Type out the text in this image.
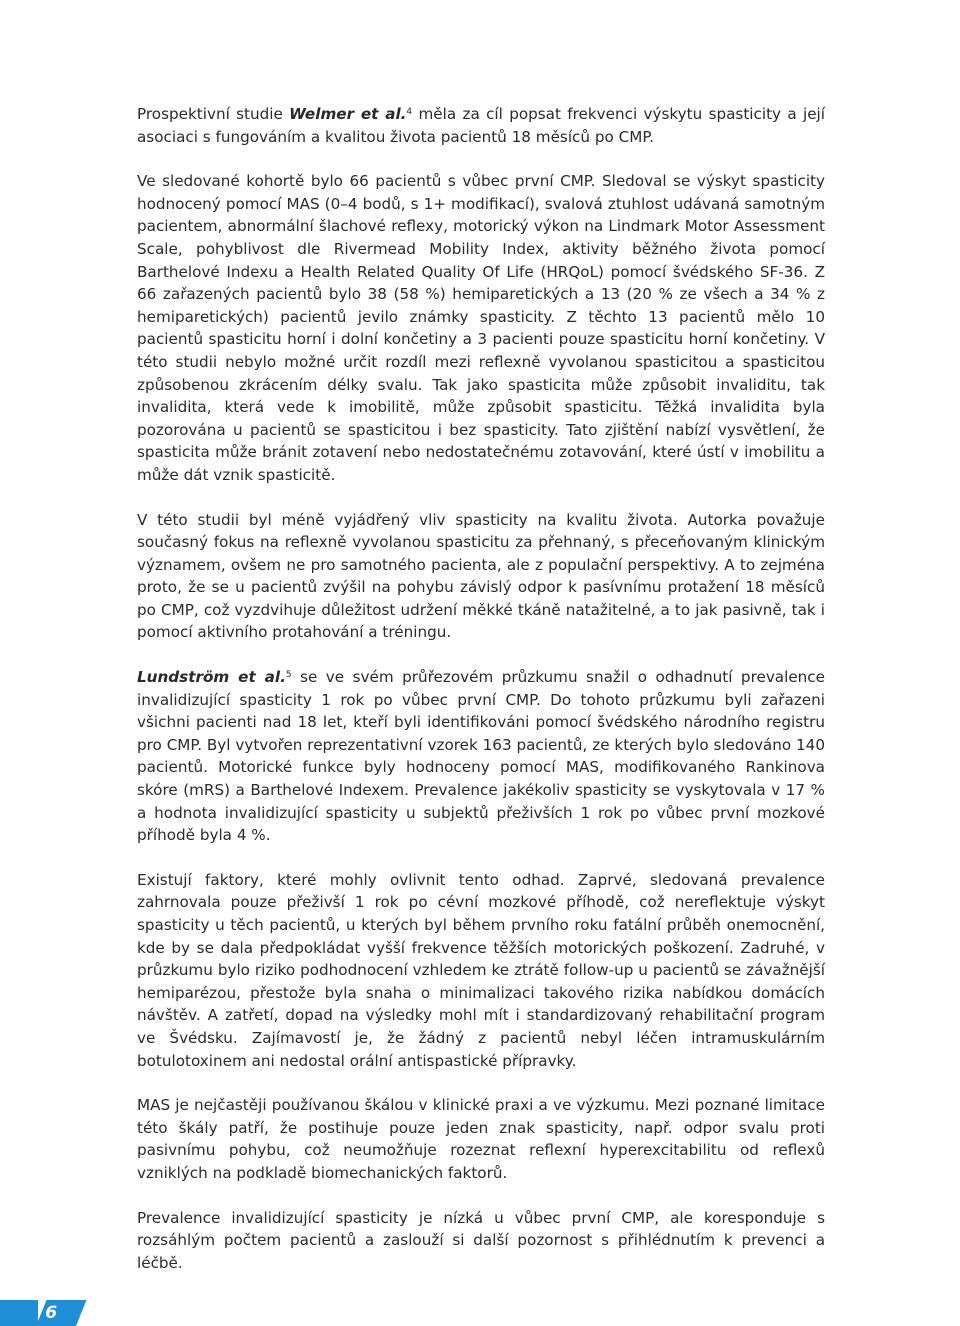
Prospektivní studie Welmer et al.$^4$ měla za cíl popsat frekvenci výskytu spasticity a její asociaci s fungováním a kvalitou života pacientů 18 měsíců po CMP.

Ve sledované kohortě bylo 66 pacientů s vůbec první CMP. Sledoval se výskyt spasticity hodnocený pomocí MAS (0–4 bodů, s 1+ modifikací), svalová ztuhlost udávaná samotným pacientem, abnormální šlachové reflexy, motorický výkon na Lindmark Motor Assessment Scale, pohyblivost dle Rivermead Mobility Index, aktivity běžného života pomocí Barthelové Indexu a Health Related Quality Of Life (HRQoL) pomocí švédského SF-36. Z 66 zařazených pacientů bylo 38 (58 %) hemiparetických a 13 (20 % ze všech a 34 % z hemiparetických) pacientů jevilo známky spasticity. Z těchto 13 pacientů mělo 10 pacientů spasticitu horní i dolní končetiny a 3 pacienti pouze spasticitu horní končetiny. V této studii nebylo možné určit rozdíl mezi reflexně vyvolanou spasticitou a spasticitou způsobenou zkrácením délky svalu. Tak jako spasticita může způsobit invaliditu, tak invalidita, která vede k imobilitě, může způsobit spasticitu. Těžká invalidita byla pozorována u pacientů se spasticitou i bez spasticity. Tato zjištění nabízí vysvětlení, že spasticita může bránit zotavení nebo nedostatečnému zotavování, které ústí v imobilitu a může dát vznik spasticitě.

V této studii byl méně vyjádřený vliv spasticity na kvalitu života. Autorka považuje současný fokus na reflexně vyvolanou spasticitu za přehnaný, s přeceňovaným klinickým významem, ovšem ne pro samotného pacienta, ale z populační perspektivy. A to zejména proto, že se u pacientů zvýšil na pohybu závislý odpor k pasívnímu protažení 18 měsíců po CMP, což vyzdvihuje důležitost udržení měkké tkáně natažitelné, a to jak pasivně, tak i pomocí aktivního protahování a tréningu.

Lundström et al.$^5$ se ve svém průřezovém průzkumu snažil o odhadnutí prevalence invalidizující spasticity 1 rok po vůbec první CMP. Do tohoto průzkumu byli zařazeni všichni pacienti nad 18 let, kteří byli identifikováni pomocí švédského národního registru pro CMP. Byl vytvořen reprezentativní vzorek 163 pacientů, ze kterých bylo sledováno 140 pacientů. Motorické funkce byly hodnoceny pomocí MAS, modifikovaného Rankinova skóre (mRS) a Barthelové Indexem. Prevalence jakékoliv spasticity se vyskytovala v 17 % a hodnota invalidizující spasticity u subjektů přeživších 1 rok po vůbec první mozkové příhodě byla 4 %.

Existují faktory, které mohly ovlivnit tento odhad. Zaprvé, sledovaná prevalence zahrnovala pouze přeživší 1 rok po cévní mozkové příhodě, což nereflektuje výskyt spasticity u těch pacientů, u kterých byl během prvního roku fatální průběh onemocnění, kde by se dala předpokládat vyšší frekvence těžších motorických poškození. Zadruhé, v průzkumu bylo riziko podhodnocení vzhledem ke ztrátě follow-up u pacientů se závažnější hemiparézou, přestože byla snaha o minimalizaci takového rizika nabídkou domácích návštěv. A zatřetí, dopad na výsledky mohl mít i standardizovaný rehabilitační program ve Švédsku. Zajímavostí je, že žádný z pacientů nebyl léčen intramuskulárním botulotoxinem ani nedostal orální antispastické přípravky.

MAS je nejčastěji používanou škálou v klinické praxi a ve výzkumu. Mezi poznané limitace této škály patří, že postihuje pouze jeden znak spasticity, např. odpor svalu proti pasivnímu pohybu, což neumožňuje rozeznat reflexní hyperexcitabilitu od reflexů vzniklých na podkladě biomechanických faktorů.

Prevalence invalidizující spasticity je nízká u vůbec první CMP, ale koresponduje s rozsáhlým počtem pacientů a zaslouží si další pozornost s přihlédnutím k prevenci a léčbě.

6
